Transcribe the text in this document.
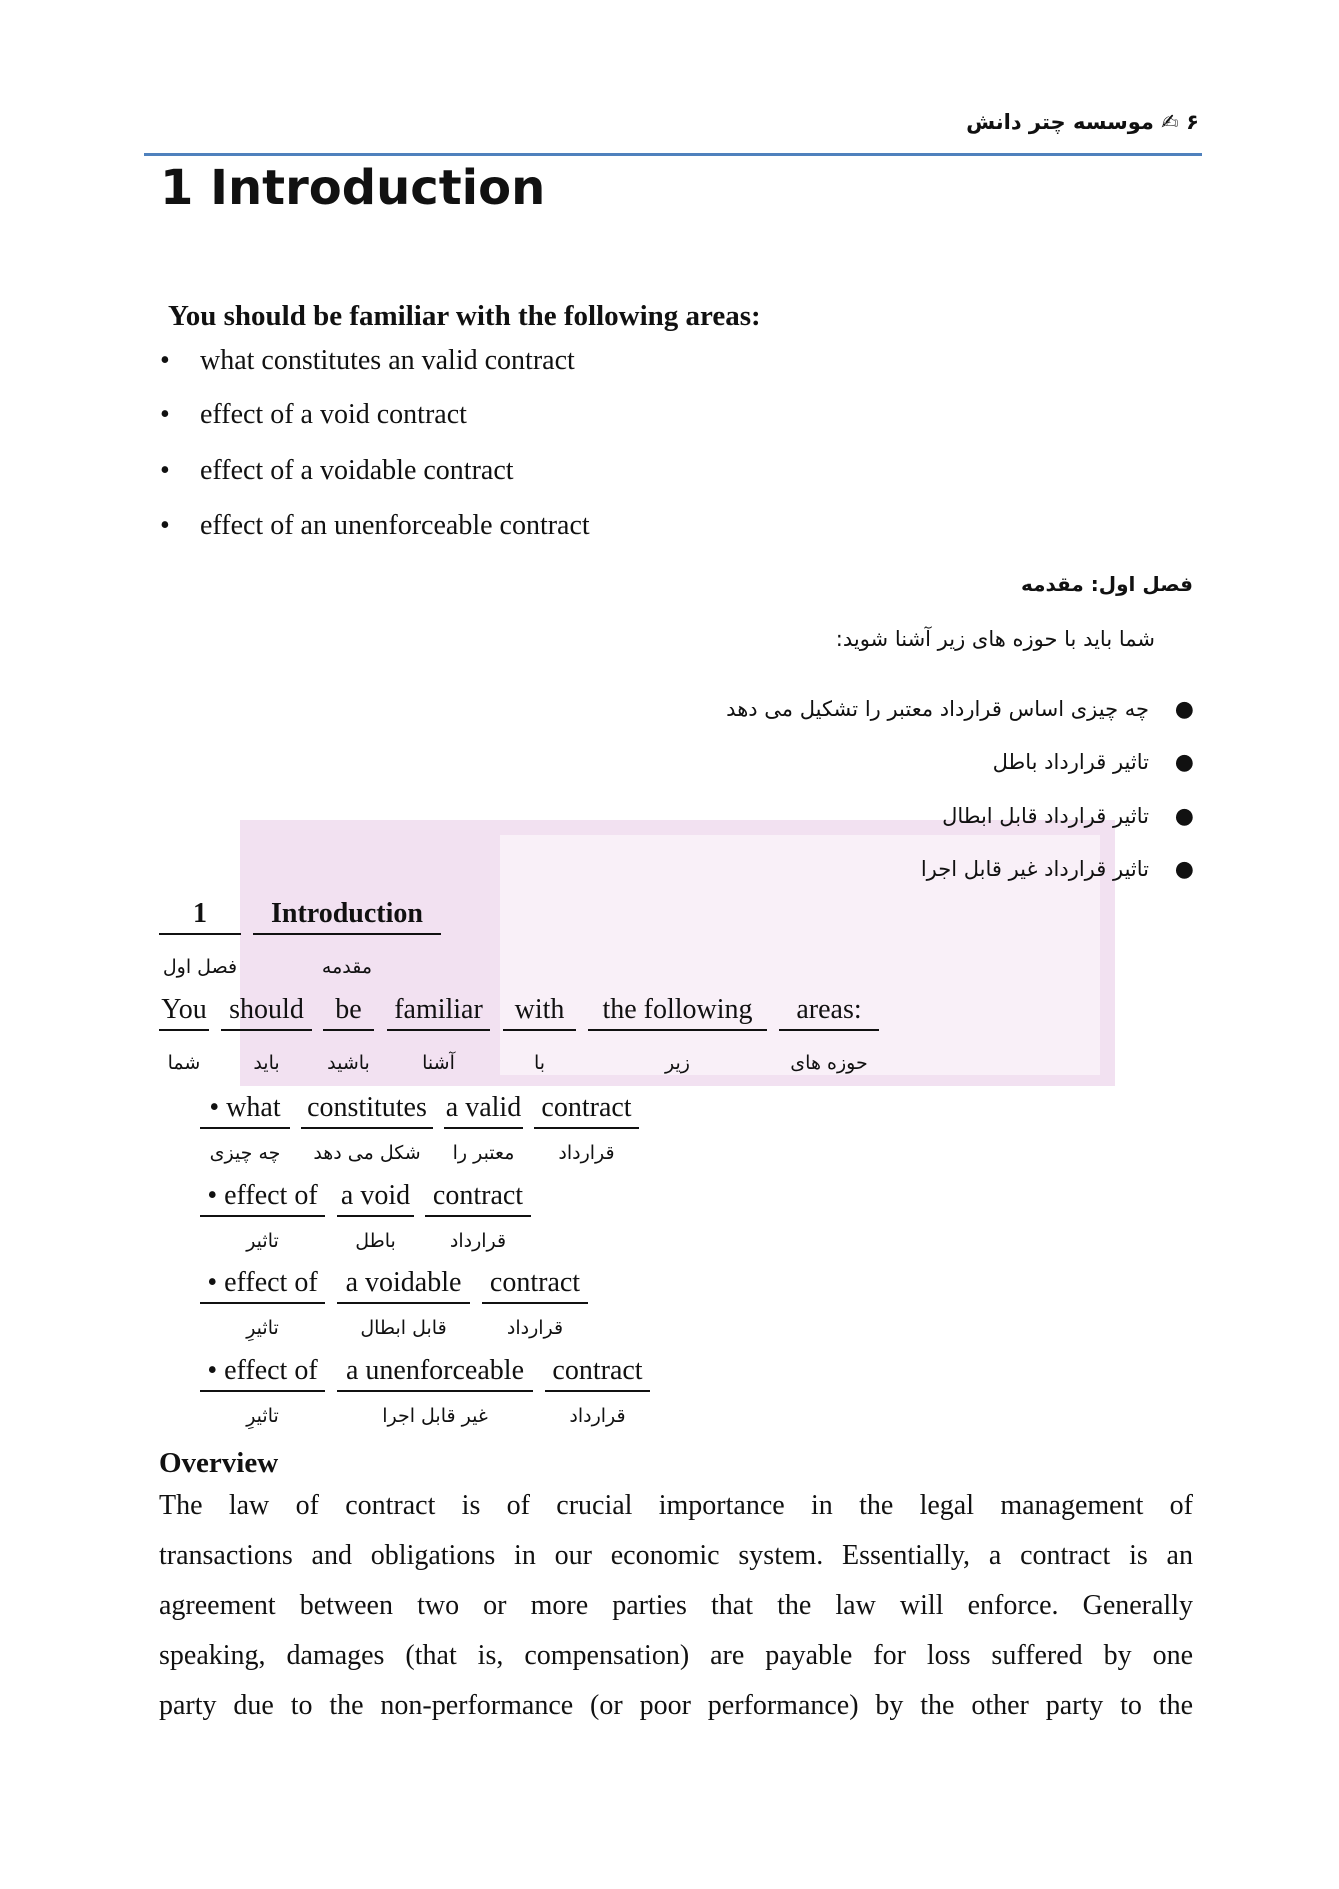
۶ ✍ موسسه چتر دانش
1 Introduction
You should be familiar with the following areas:
فصل اول: مقدمه
شما باید با حوزه های زیر آشنا شوید:
Overview
• what constitutes an valid contract
• effect of a void contract
• effect of a voidable contract
• effect of an unenforceable contract
چه چیزی اساس قرارداد معتبر را تشکیل می دهد ●
تاثیر قرارداد باطل ●
تاثیر قرارداد قابل ابطال ●
تاثیر قرارداد غیر قابل اجرا ●
1
فصل اول
Introduction
مقدمه
You
شما
should
باید
be
باشید
familiar
آشنا
with
با
the following
زیر
areas:
حوزه های
• what
چه چیزی
constitutes
شکل می دهد
a valid
معتبر را
contract
قرارداد
• effect of
تاثیر
a void
باطل
contract
قرارداد
• effect of
تاثیرِ
a voidable
قابل ابطال
contract
قرارداد
• effect of
تاثیرِ
a unenforceable
غیر قابل اجرا
contract
قرارداد
The law of contract is of crucial importance in the legal management of
transactions and obligations in our economic system. Essentially, a contract is an
agreement between two or more parties that the law will enforce. Generally
speaking, damages (that is, compensation) are payable for loss suffered by one
party due to the non-performance (or poor performance) by the other party to the
